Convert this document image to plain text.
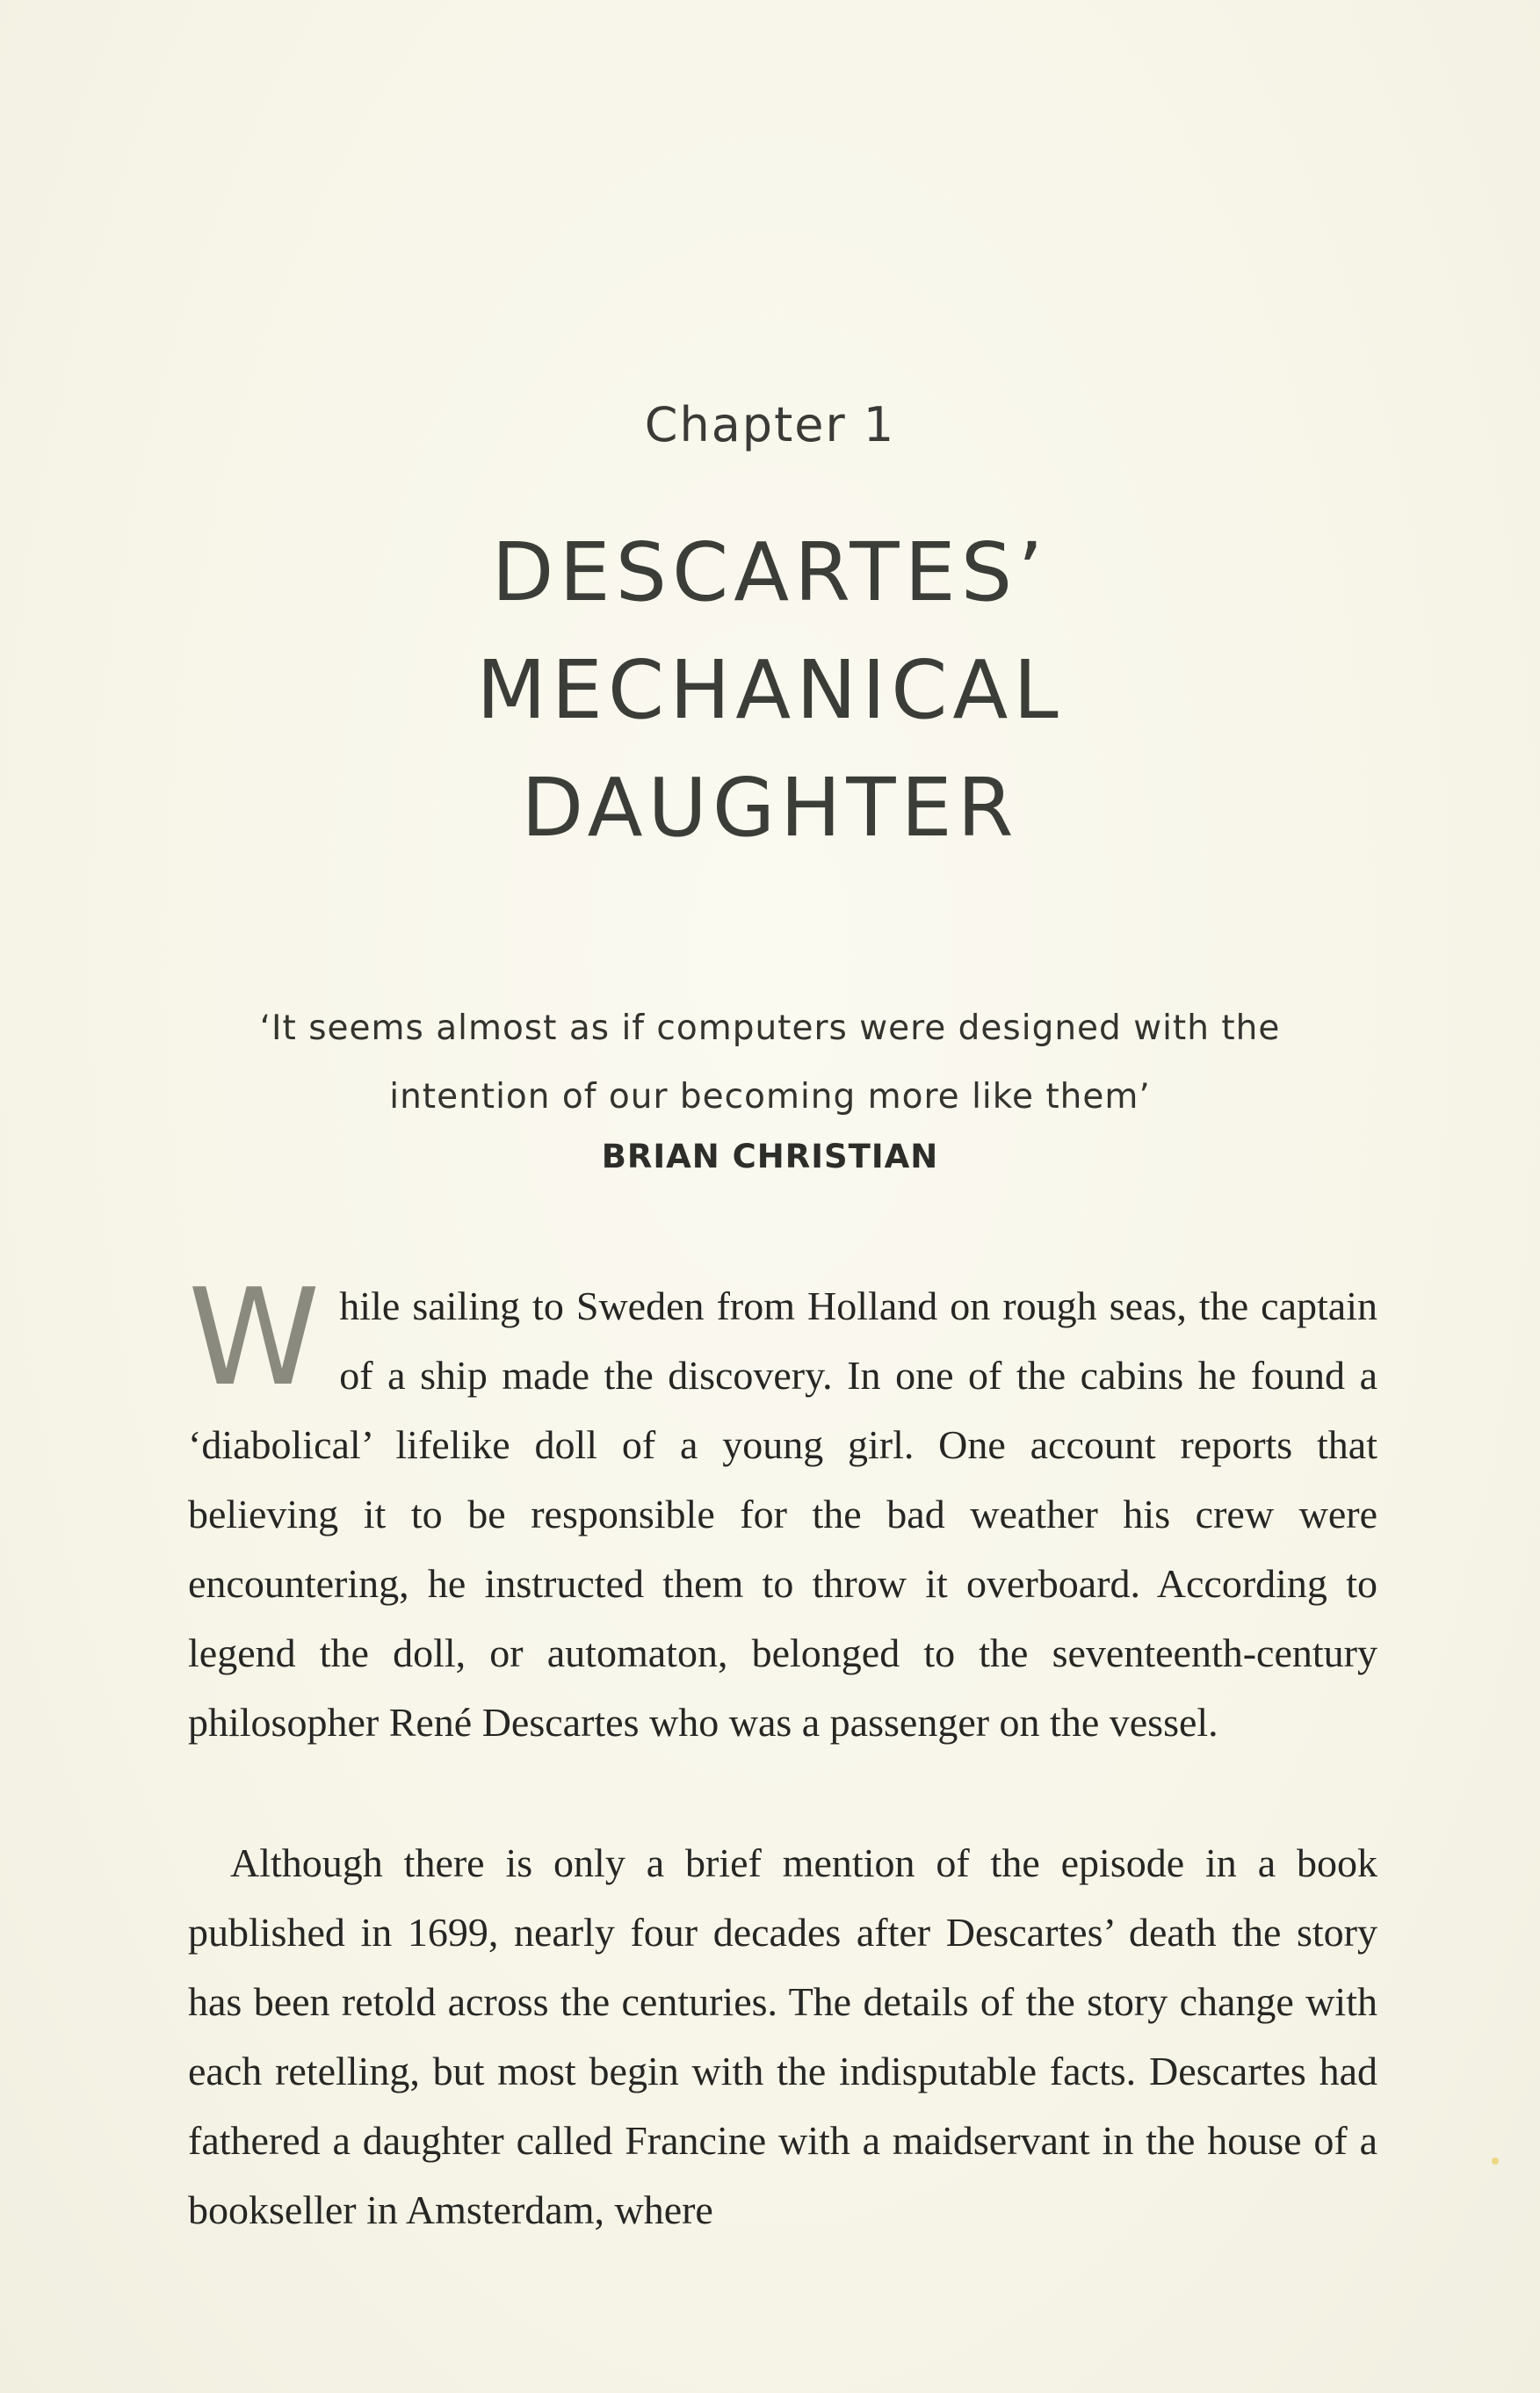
Chapter 1
DESCARTES’
MECHANICAL
DAUGHTER
‘It seems almost as if computers were designed with the
intention of our becoming more like them’
BRIAN CHRISTIAN
While sailing to Sweden from Holland on rough seas, the captain of a ship made the discovery. In one of the cabins he found a ‘diabolical’ lifelike doll of a young girl. One account reports that believing it to be responsible for the bad weather his crew were encountering, he instructed them to throw it overboard. According to legend the doll, or automaton, belonged to the seventeenth-century philosopher René Descartes who was a passenger on the vessel.
Although there is only a brief mention of the episode in a book published in 1699, nearly four decades after Descartes’ death the story has been retold across the centuries. The details of the story change with each retelling, but most begin with the indisputable facts. Descartes had fathered a daughter called Francine with a maidservant in the house of a bookseller in Amsterdam, where
